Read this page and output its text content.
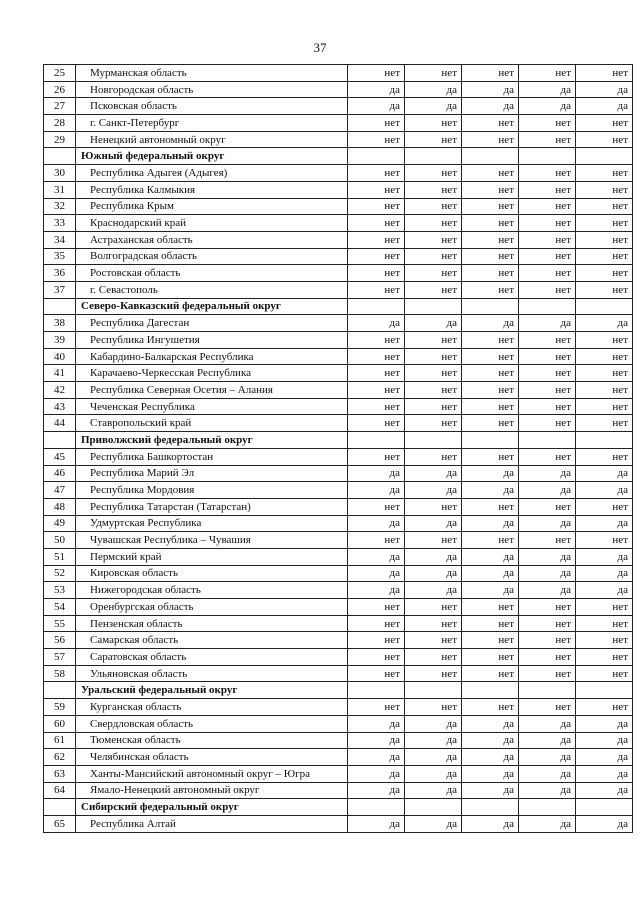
37
25	Мурманская область	нет	нет	нет	нет	нет
26	Новгородская область	да	да	да	да	да
27	Псковская область	да	да	да	да	да
28	г. Санкт-Петербург	нет	нет	нет	нет	нет
29	Ненецкий автономный округ	нет	нет	нет	нет	нет
	Южный федеральный округ					
30	Республика Адыгея (Адыгея)	нет	нет	нет	нет	нет
31	Республика Калмыкия	нет	нет	нет	нет	нет
32	Республика Крым	нет	нет	нет	нет	нет
33	Краснодарский край	нет	нет	нет	нет	нет
34	Астраханская область	нет	нет	нет	нет	нет
35	Волгоградская область	нет	нет	нет	нет	нет
36	Ростовская область	нет	нет	нет	нет	нет
37	г. Севастополь	нет	нет	нет	нет	нет
	Северо-Кавказский федеральный округ					
38	Республика Дагестан	да	да	да	да	да
39	Республика Ингушетия	нет	нет	нет	нет	нет
40	Кабардино-Балкарская Республика	нет	нет	нет	нет	нет
41	Карачаево-Черкесская Республика	нет	нет	нет	нет	нет
42	Республика Северная Осетия – Алания	нет	нет	нет	нет	нет
43	Чеченская Республика	нет	нет	нет	нет	нет
44	Ставропольский край	нет	нет	нет	нет	нет
	Приволжский федеральный округ					
45	Республика Башкортостан	нет	нет	нет	нет	нет
46	Республика Марий Эл	да	да	да	да	да
47	Республика Мордовия	да	да	да	да	да
48	Республика Татарстан (Татарстан)	нет	нет	нет	нет	нет
49	Удмуртская Республика	да	да	да	да	да
50	Чувашская Республика – Чувашия	нет	нет	нет	нет	нет
51	Пермский край	да	да	да	да	да
52	Кировская область	да	да	да	да	да
53	Нижегородская область	да	да	да	да	да
54	Оренбургская область	нет	нет	нет	нет	нет
55	Пензенская область	нет	нет	нет	нет	нет
56	Самарская область	нет	нет	нет	нет	нет
57	Саратовская область	нет	нет	нет	нет	нет
58	Ульяновская область	нет	нет	нет	нет	нет
	Уральский федеральный округ					
59	Курганская область	нет	нет	нет	нет	нет
60	Свердловская область	да	да	да	да	да
61	Тюменская область	да	да	да	да	да
62	Челябинская область	да	да	да	да	да
63	Ханты-Мансийский автономный округ – Югра	да	да	да	да	да
64	Ямало-Ненецкий автономный округ	да	да	да	да	да
	Сибирский федеральный округ					
65	Республика Алтай	да	да	да	да	да
